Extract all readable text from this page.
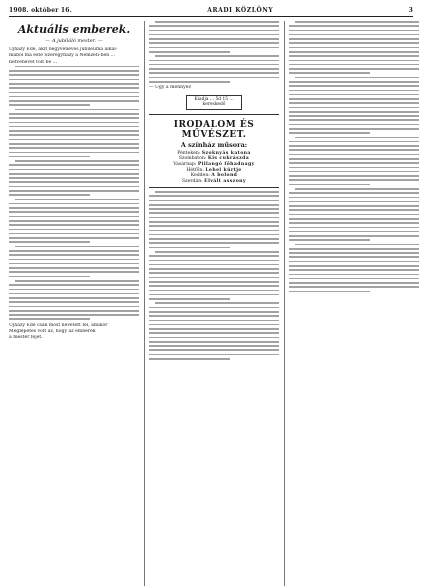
1908. október 16.	ARADI KÖZLÖNY	3
Aktuális emberek.
— A jubiláló mester. —
Ujházy Ede, akit negyvenéves jubileuma alkal-
mából ma este Szeregyházy a Nemzeti-ben ...
hetvenévet tölt be ...
Ujházy Ede csak most nevetett fel, amikor
Meglepetés volt az, hogy az emberek
a mester fejét.
— Ugy a mennyei!
Kiadja ... 5d 15 ...
kereskedő
IRODALOM ÉS MŰVÉSZET.
A színház műsora:
Pénteken: Szoknyás katona
Szombaton: Kis cukrászda
Vasárnap: Pillangó főhadnagy
Hétfőn: Lehel kürtje
Kedden: A bolond
Szerdán: Elvált asszony
